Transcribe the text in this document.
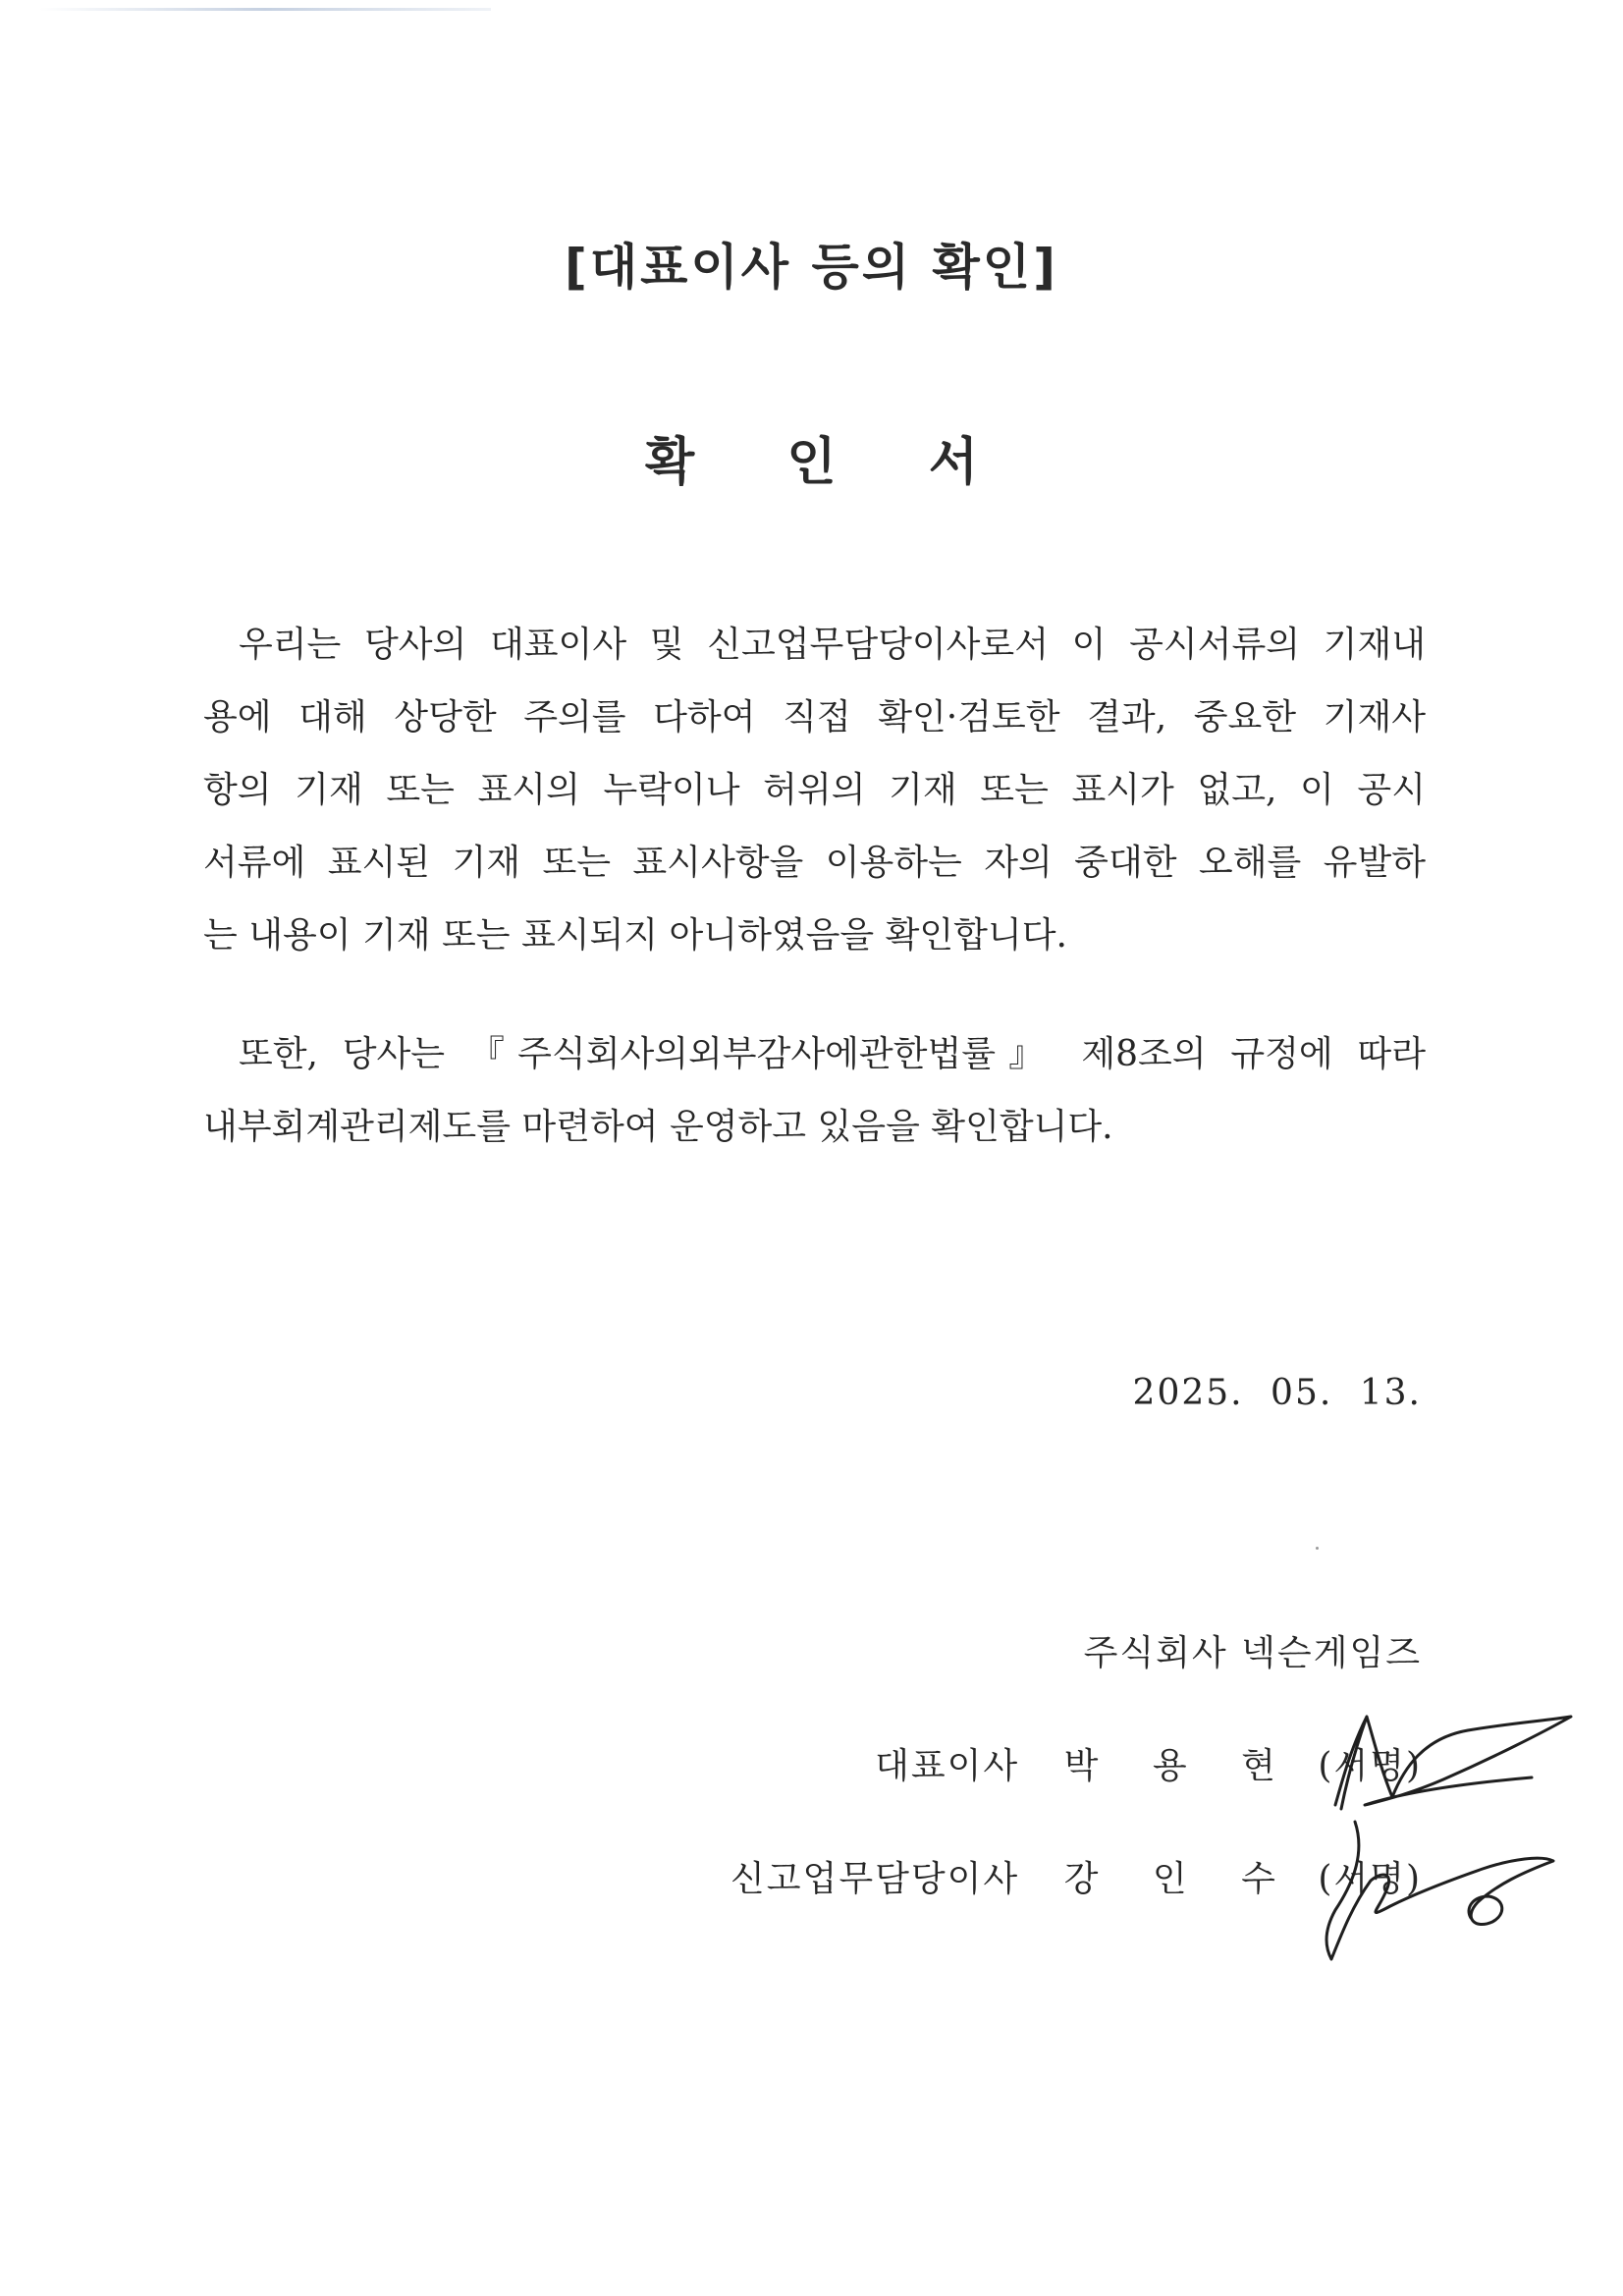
[대표이사 등의 확인]
확 인 서
우리는 당사의 대표이사 및 신고업무담당이사로서 이 공시서류의 기재내
용에 대해 상당한 주의를 다하여 직접 확인·검토한 결과, 중요한 기재사
항의 기재 또는 표시의 누락이나 허위의 기재 또는 표시가 없고, 이 공시
서류에 표시된 기재 또는 표시사항을 이용하는 자의 중대한 오해를 유발하
는 내용이 기재 또는 표시되지 아니하였음을 확인합니다.
또한, 당사는 『주식회사의외부감사에관한법률』 제8조의 규정에 따라
내부회계관리제도를 마련하여 운영하고 있음을 확인합니다.
2025. 05. 13.
주식회사 넥슨게임즈
대표이사 박 용 현 (서명)
신고업무담당이사 강 인 수 (서명)
